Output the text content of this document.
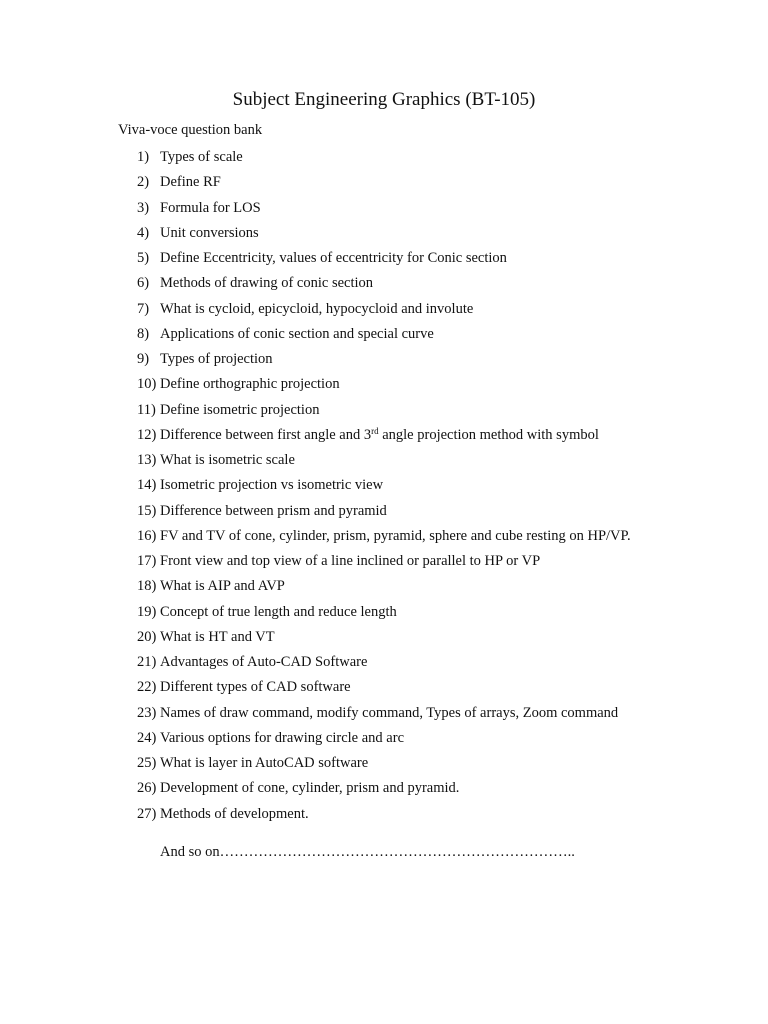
Subject Engineering Graphics (BT-105)

Viva-voce question bank

1) Types of scale
2) Define RF
3) Formula for LOS
4) Unit conversions
5) Define Eccentricity, values of eccentricity for Conic section
6) Methods of drawing of conic section
7) What is cycloid, epicycloid, hypocycloid and involute
8) Applications of conic section and special curve
9) Types of projection
10) Define orthographic projection
11) Define isometric projection
12) Difference between first angle and 3rd angle projection method with symbol
13) What is isometric scale
14) Isometric projection vs isometric view
15) Difference between prism and pyramid
16) FV and TV of cone, cylinder, prism, pyramid, sphere and cube resting on HP/VP.
17) Front view and top view of a line inclined or parallel to HP or VP
18) What is AIP and AVP
19) Concept of true length and reduce length
20) What is HT and VT
21) Advantages of Auto-CAD Software
22) Different types of CAD software
23) Names of draw command, modify command, Types of arrays, Zoom command
24) Various options for drawing circle and arc
25) What is layer in AutoCAD software
26) Development of cone, cylinder, prism and pyramid.
27) Methods of development.

And so on………………………………………………………………..
